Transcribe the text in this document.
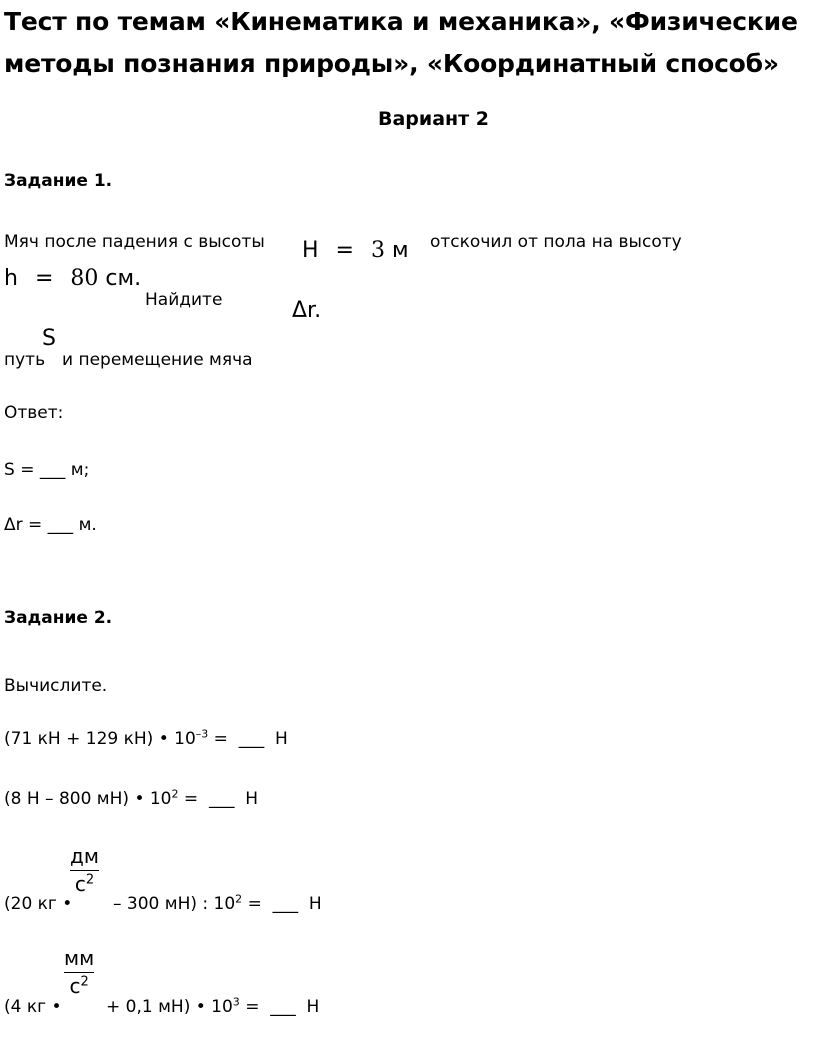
Тест по темам «Кинематика и механика», «Физические
методы познания природы», «Координатный способ»
Вариант 2
Задание 1.
Мяч после падения с высоты H = 3 м отскочил от пола на высоту
h = 80 см.
Найдите	Δr.
S
путь и перемещение мяча
Ответ:
S = ___ м;
Δr = ___ м.
Задание 2.
Вычислите.
(71 кН + 129 кН) • $10^{-3}$ =  ___  Н
(8 Н – 800 мН) • $10^2$ =  ___  Н
(20 кг •
дм
$с^2$
– 300 мН) : $10^2$ =  ___  Н
(4 кг •
мм
$с^2$
+ 0,1 мН) • $10^3$ =  ___  Н
